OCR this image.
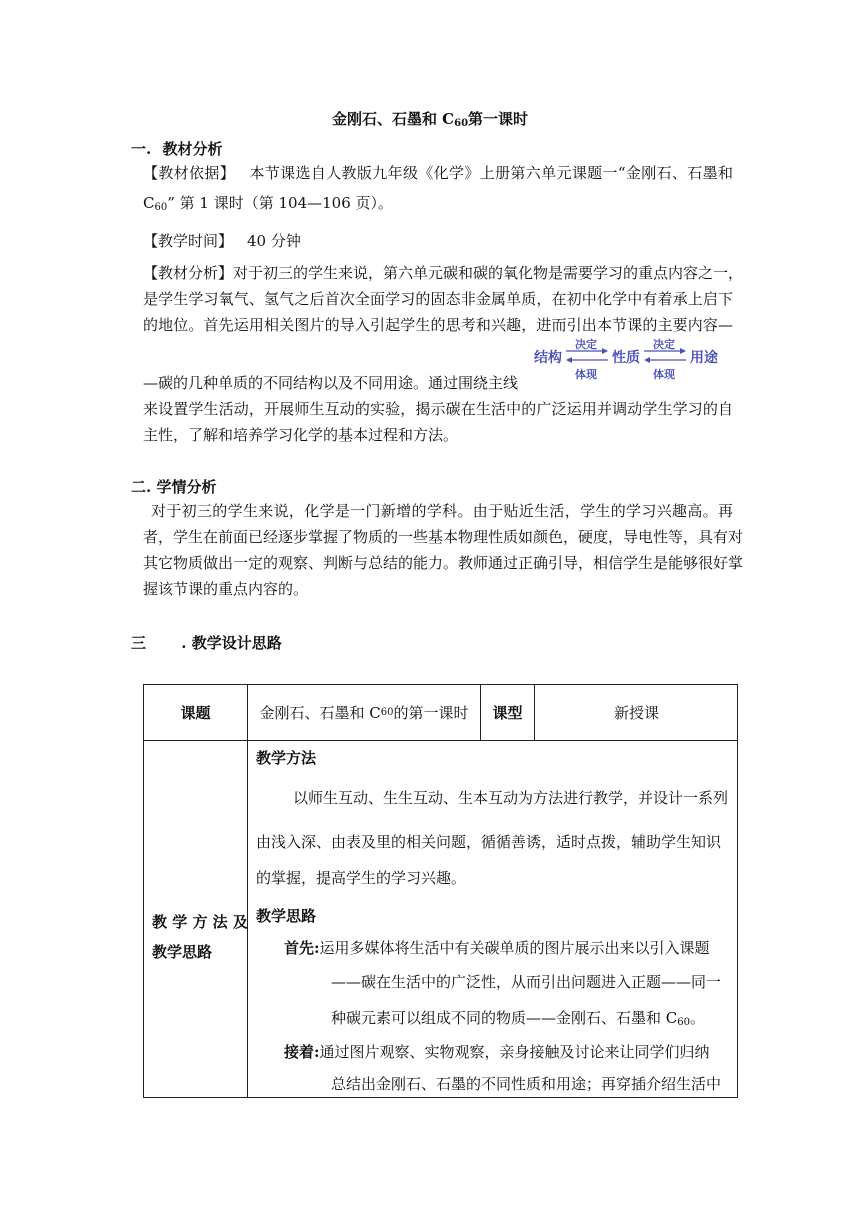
金刚石、石墨和 $C_{60}$第一课时
一. 教材分析
【教材依据】 本节课选自人教版九年级《化学》上册第六单元课题一“金刚石、石墨和
$C_{60}$” 第 1 课时（第 104—106 页）。
【教学时间】 40 分钟
【教材分析】对于初三的学生来说，第六单元碳和碳的氧化物是需要学习的重点内容之一，
是学生学习氧气、氢气之后首次全面学习的固态非金属单质，在初中化学中有着承上启下
的地位。首先运用相关图片的导入引起学生的思考和兴趣，进而引出本节课的主要内容—
—碳的几种单质的不同结构以及不同用途。通过围绕主线
来设置学生活动，开展师生互动的实验，揭示碳在生活中的广泛运用并调动学生学习的自
主性，了解和培养学习化学的基本过程和方法。
结构
决定
体现
性质
决定
体现
用途
二. 学情分析
对于初三的学生来说，化学是一门新增的学科。由于贴近生活，学生的学习兴趣高。再
者，学生在前面已经逐步掌握了物质的一些基本物理性质如颜色，硬度，导电性等，具有对
其它物质做出一定的观察、判断与总结的能力。教师通过正确引导，相信学生是能够很好掌
握该节课的重点内容的。
三 . 教学设计思路
课题	金刚石、石墨和 C 60 的第一课时	课型	新授课
教 学 方 法 及
教学思路
教学方法
以师生互动、生生互动、生本互动为方法进行教学，并设计一系列
由浅入深、由表及里的相关问题，循循善诱，适时点拨，辅助学生知识
的掌握，提高学生的学习兴趣。
教学思路
首先:运用多媒体将生活中有关碳单质的图片展示出来以引入课题
——碳在生活中的广泛性，从而引出问题进入正题——同一
种碳元素可以组成不同的物质——金刚石、石墨和 $C_{60}$。
接着:通过图片观察、实物观察，亲身接触及讨论来让同学们归纳
总结出金刚石、石墨的不同性质和用途；再穿插介绍生活中
